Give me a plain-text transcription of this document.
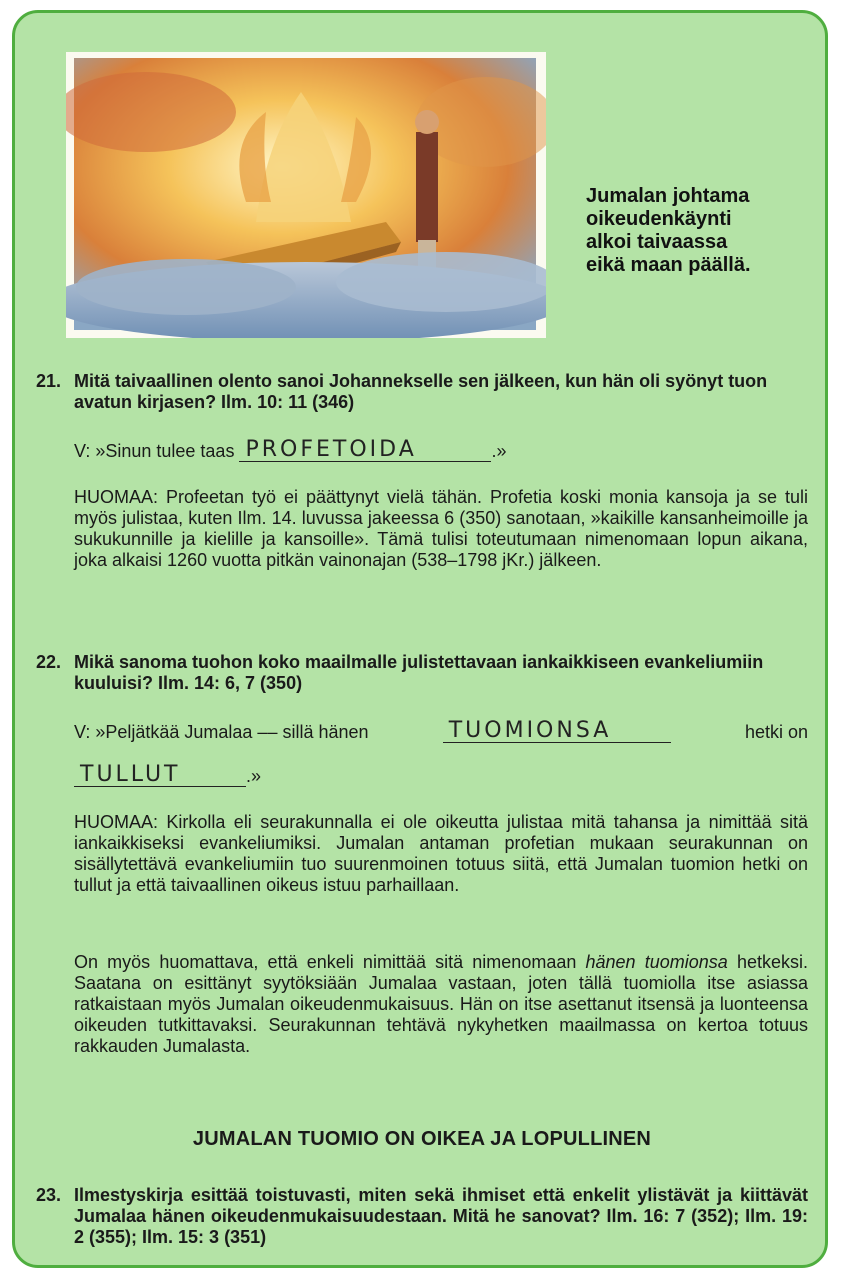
Jumalan johtama
oikeudenkäynti
alkoi taivaassa
eikä maan päällä.
21. Mitä taivaallinen olento sanoi Johannekselle sen jälkeen, kun hän oli syönyt tuon avatun kirjasen? Ilm. 10: 11 (346)
V: »Sinun tulee taas PROFETOIDA	.»
HUOMAA: Profeetan työ ei päättynyt vielä tähän. Profetia koski monia kansoja ja se tuli myös julistaa, kuten Ilm. 14. luvussa jakeessa 6 (350) sanotaan, »kaikille kansanheimoille ja sukukunnille ja kielille ja kansoille». Tämä tulisi toteutumaan nimenomaan lopun aikana, joka alkaisi 1260 vuotta pitkän vainonajan (538–1798 jKr.) jälkeen.
22. Mikä sanoma tuohon koko maailmalle julistettavaan iankaikkiseen evankeliumiin kuuluisi? Ilm. 14: 6, 7 (350)
V: »Peljätkää Jumalaa –– sillä hänen	TUOMIONSA	hetki on
TULLUT	.»
HUOMAA: Kirkolla eli seurakunnalla ei ole oikeutta julistaa mitä tahansa ja nimittää sitä iankaikkiseksi evankeliumiksi. Jumalan antaman profetian mukaan seurakunnan on sisällytettävä evankeliumiin tuo suurenmoinen totuus siitä, että Jumalan tuomion hetki on tullut ja että taivaallinen oikeus istuu parhaillaan.
On myös huomattava, että enkeli nimittää sitä nimenomaan hänen tuomionsa hetkeksi. Saatana on esittänyt syytöksiään Jumalaa vastaan, joten tällä tuomiolla itse asiassa ratkaistaan myös Jumalan oikeudenmukaisuus. Hän on itse asettanut itsensä ja luonteensa oikeuden tutkittavaksi. Seurakunnan tehtävä nykyhetken maailmassa on kertoa totuus rakkauden Jumalasta.
JUMALAN TUOMIO ON OIKEA JA LOPULLINEN
23. Ilmestyskirja esittää toistuvasti, miten sekä ihmiset että enkelit ylistävät ja kiittävät Jumalaa hänen oikeudenmukaisuudestaan. Mitä he sanovat? Ilm. 16: 7 (352); Ilm. 19: 2 (355); Ilm. 15: 3 (351)
